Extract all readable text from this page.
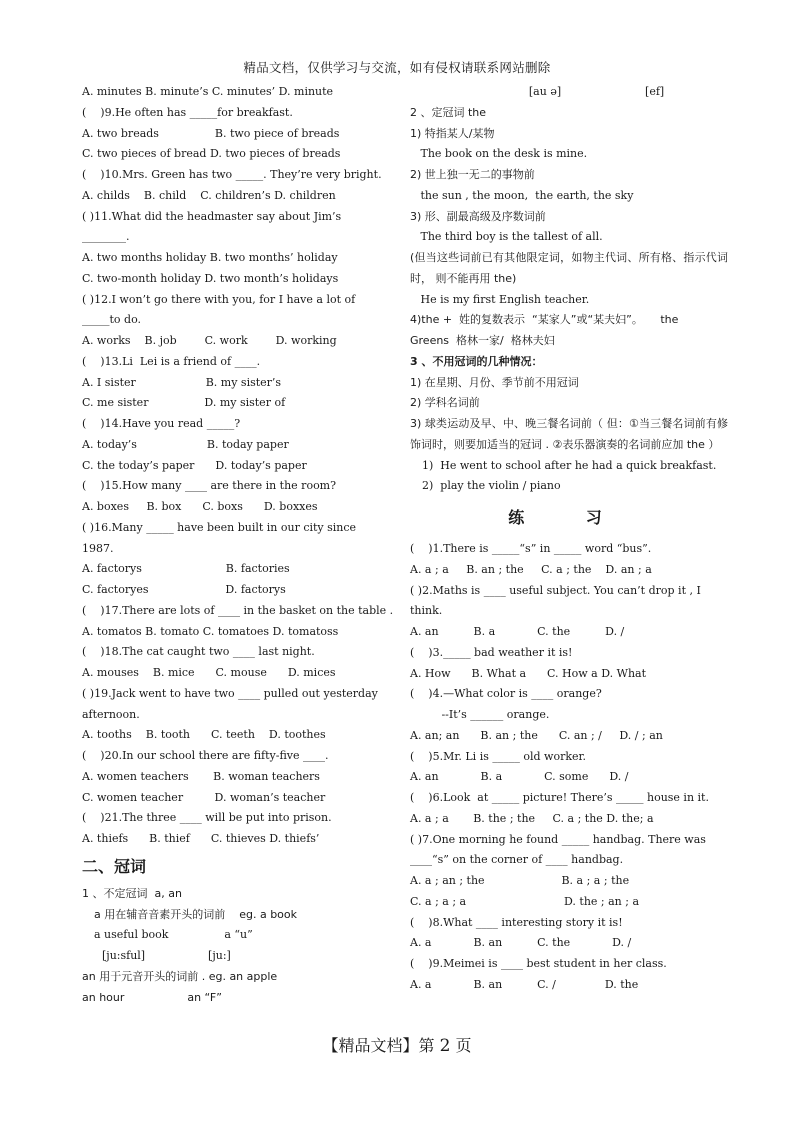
精品文档，仅供学习与交流，如有侵权请联系网站删除
A. minutes B. minute’s C. minutes’ D. minute
(    )9.He often has _____for breakfast.
A. two breads                B. two piece of breads
C. two pieces of bread D. two pieces of breads
(    )10.Mrs. Green has two _____. They’re very bright.
A. childs    B. child    C. children’s D. children
( )11.What did the headmaster say about Jim’s
________.
A. two months holiday B. two months’ holiday
C. two-month holiday D. two month’s holidays
( )12.I won’t go there with you, for I have a lot of
_____to do.
A. works    B. job        C. work        D. working
(    )13.Li  Lei is a friend of ____.
A. I sister                    B. my sister’s
C. me sister                D. my sister of
(    )14.Have you read _____?
A. today’s                    B. today paper
C. the today’s paper      D. today’s paper
(    )15.How many ____ are there in the room?
A. boxes     B. box      C. boxs      D. boxxes
( )16.Many _____ have been built in our city since
1987.
A. factorys                        B. factories
C. factoryes                      D. factorys
(    )17.There are lots of ____ in the basket on the table .
A. tomatos B. tomato C. tomatoes D. tomatoss
(    )18.The cat caught two ____ last night.
A. mouses    B. mice      C. mouse      D. mices
( )19.Jack went to have two ____ pulled out yesterday
afternoon.
A. tooths    B. tooth      C. teeth    D. toothes
(    )20.In our school there are fifty-five ____.
A. women teachers       B. woman teachers
C. women teacher         D. woman’s teacher
(    )21.The three ____ will be put into prison.
A. thiefs      B. thief      C. thieves D. thiefs’
二、冠词
1 、不定冠词  a, an
a 用在辅音音素开头的词前    eg. a book
a useful book                a “u”
[ju:sful]                  [ju:]
an 用于元音开头的词前 . eg. an apple
an hour                  an “F”
[au ə]                        [ef]
2 、定冠词 the
1) 特指某人/某物
The book on the desk is mine.
2) 世上独一无二的事物前
the sun , the moon,  the earth, the sky
3) 形、副最高级及序数词前
The third boy is the tallest of all.
(但当这些词前已有其他限定词，如物主代词、所有格、指示代词时， 则不能再用 the)
He is my first English teacher.
4)the +  姓的复数表示  “某家人”或“某夫妇”。     the
Greens  格林一家/  格林夫妇
3 、不用冠词的几种情况：
1) 在星期、月份、季节前不用冠词
2) 学科名词前
3) 球类运动及早、中、晚三餐名词前（ 但：①当三餐名词前有修饰词时，则要加适当的冠词 . ②表乐器演奏的名词前应加 the ）
1)  He went to school after he had a quick breakfast.
2)  play the violin / piano
练 习
(    )1.There is _____“s” in _____ word “bus”.
A. a ; a     B. an ; the     C. a ; the    D. an ; a
( )2.Maths is ____ useful subject. You can’t drop it , I
think.
A. an          B. a            C. the          D. /
(    )3._____ bad weather it is!
A. How      B. What a      C. How a D. What
(    )4.—What color is ____ orange?
--It’s ______ orange.
A. an; an      B. an ; the      C. an ; /     D. / ; an
(    )5.Mr. Li is _____ old worker.
A. an            B. a            C. some      D. /
(    )6.Look  at _____ picture! There’s _____ house in it.
A. a ; a       B. the ; the     C. a ; the D. the; a
( )7.One morning he found _____ handbag. There was
____“s” on the corner of ____ handbag.
A. a ; an ; the                      B. a ; a ; the
C. a ; a ; a                            D. the ; an ; a
(    )8.What ____ interesting story it is!
A. a            B. an          C. the            D. /
(    )9.Meimei is ____ best student in her class.
A. a            B. an          C. /              D. the
【精品文档】第 2 页
